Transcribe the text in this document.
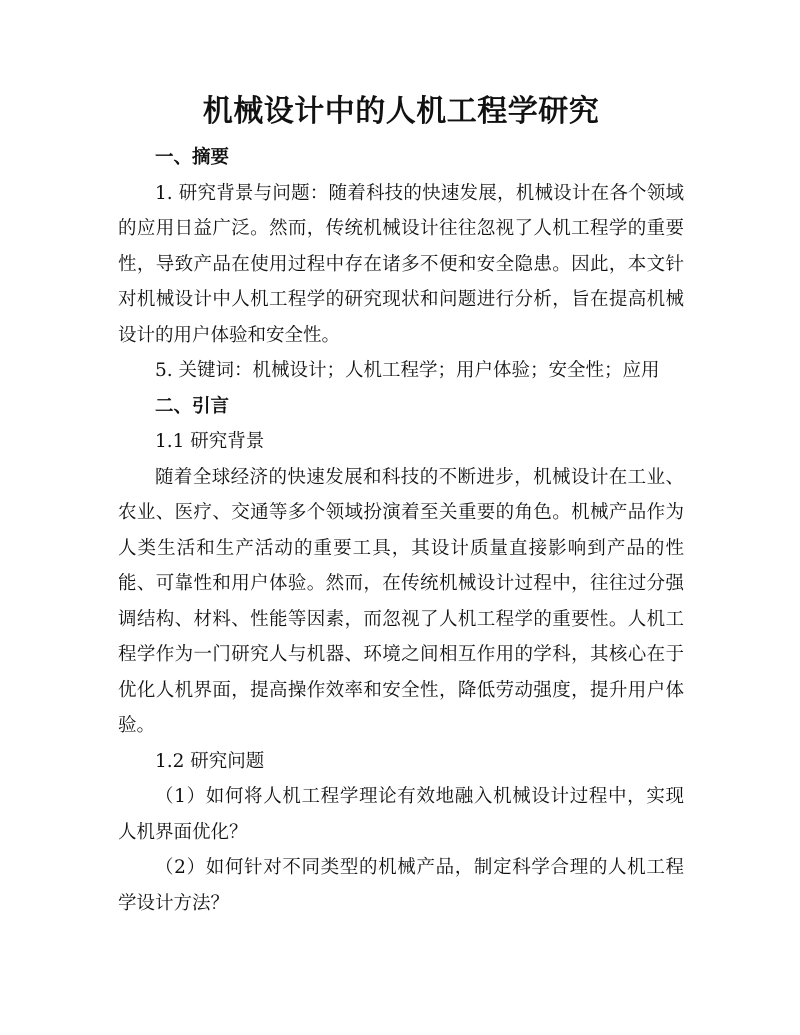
机械设计中的人机工程学研究

一、摘要

1. 研究背景与问题：随着科技的快速发展，机械设计在各个领域的应用日益广泛。然而，传统机械设计往往忽视了人机工程学的重要性，导致产品在使用过程中存在诸多不便和安全隐患。因此，本文针对机械设计中人机工程学的研究现状和问题进行分析，旨在提高机械设计的用户体验和安全性。

5. 关键词：机械设计；人机工程学；用户体验；安全性；应用

二、引言

1.1 研究背景

随着全球经济的快速发展和科技的不断进步，机械设计在工业、农业、医疗、交通等多个领域扮演着至关重要的角色。机械产品作为人类生活和生产活动的重要工具，其设计质量直接影响到产品的性能、可靠性和用户体验。然而，在传统机械设计过程中，往往过分强调结构、材料、性能等因素，而忽视了人机工程学的重要性。人机工程学作为一门研究人与机器、环境之间相互作用的学科，其核心在于优化人机界面，提高操作效率和安全性，降低劳动强度，提升用户体验。

1.2 研究问题

（1）如何将人机工程学理论有效地融入机械设计过程中，实现人机界面优化？

（2）如何针对不同类型的机械产品，制定科学合理的人机工程学设计方法？
